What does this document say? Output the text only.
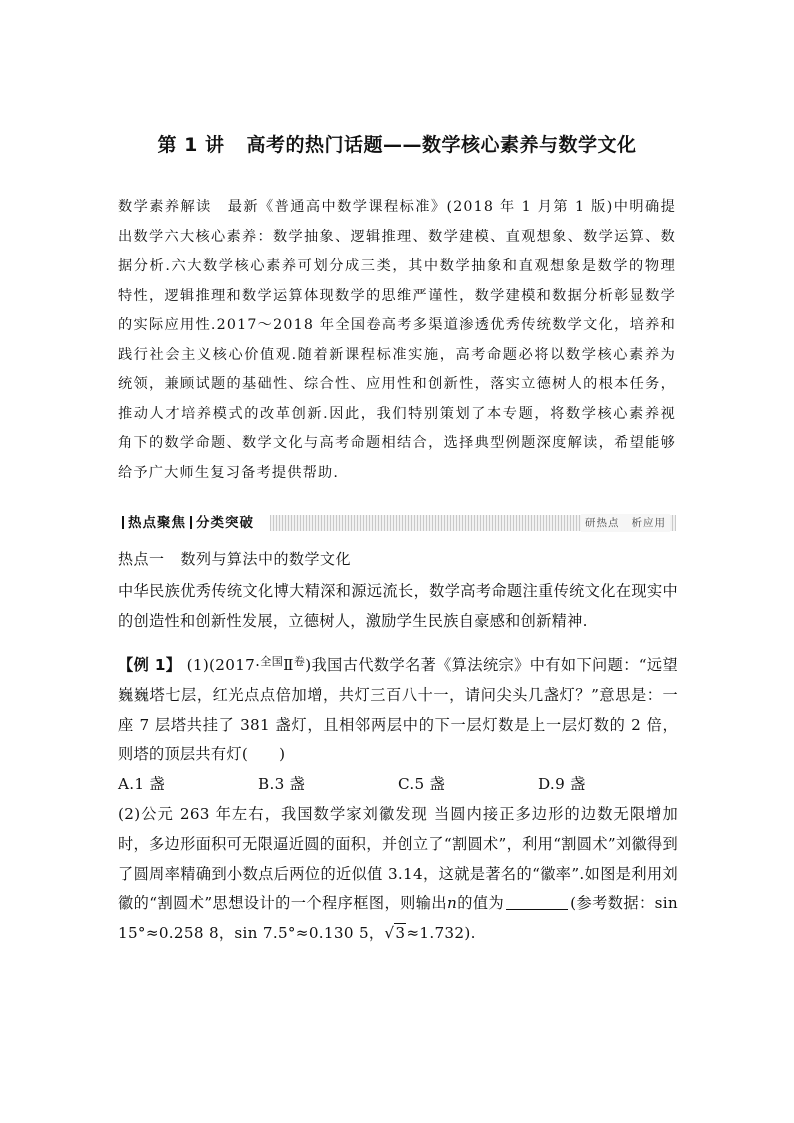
第 1 讲 高考的热门话题——数学核心素养与数学文化
数学素养解读 最新《普通高中数学课程标准》(2018 年 1 月第 1 版)中明确提出数学六大核心素养：数学抽象、逻辑推理、数学建模、直观想象、数学运算、数据分析.六大数学核心素养可划分成三类，其中数学抽象和直观想象是数学的物理特性，逻辑推理和数学运算体现数学的思维严谨性，数学建模和数据分析彰显数学的实际应用性.2017～2018 年全国卷高考多渠道渗透优秀传统数学文化，培养和践行社会主义核心价值观.随着新课程标准实施，高考命题必将以数学核心素养为统领，兼顾试题的基础性、综合性、应用性和创新性，落实立德树人的根本任务，推动人才培养模式的改革创新.因此，我们特别策划了本专题，将数学核心素养视角下的数学命题、数学文化与高考命题相结合，选择典型例题深度解读，希望能够给予广大师生复习备考提供帮助.
热点聚焦 分类突破	研热点 析应用
热点一 数列与算法中的数学文化
中华民族优秀传统文化博大精深和源远流长，数学高考命题注重传统文化在现实中的创造性和创新性发展，立德树人，激励学生民族自豪感和创新精神.
【例 1】 (1)(2017·$^{全国}$Ⅱ$^卷$)我国古代数学名著《算法统宗》中有如下问题：“远望巍巍塔七层，红光点点倍加增，共灯三百八十一，请问尖头几盏灯？”意思是：一座 7 层塔共挂了 381 盏灯，且相邻两层中的下一层灯数是上一层灯数的 2 倍，则塔的顶层共有灯(　　)
A.1 盏	B.3 盏	C.5 盏	D.9 盏
(2)公元 263 年左右，我国数学家刘徽发现 当圆内接正多边形的边数无限增加时，多边形面积可无限逼近圆的面积，并创立了“割圆术”，利用“割圆术”刘徽得到了圆周率精确到小数点后两位的近似值 3.14，这就是著名的“徽率”.如图是利用刘徽的“割圆术”思想设计的一个程序框图，则输出n的值为	(参考数据：sin 15°≈0.258 8，sin 7.5°≈0.130 5，√3≈1.732).
